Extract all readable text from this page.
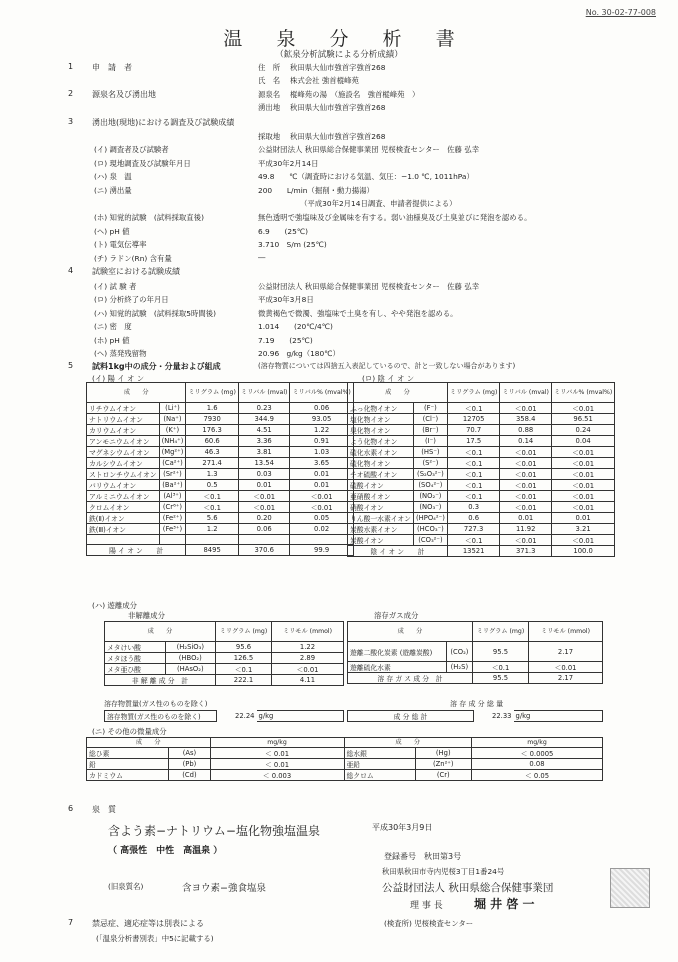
No. 30-02-77-008
温 泉 分 析 書
（鉱泉分析試験による分析成績）
1 申　請　者	住　所 秋田県大仙市強首字強首268
氏　名 株式会社 強首樅峰苑
2 源泉名及び湧出地	源泉名 樅峰苑の湯　（施設名　強首樅峰苑　）
湧出地 秋田県大仙市強首字強首268
3 湧出地(現地)における調査及び試験成績
採取地 秋田県大仙市強首字強首268
(イ) 調査者及び試験者	公益財団法人 秋田県総合保健事業団 児桜検査センター　佐藤 弘幸
(ロ) 現地調査及び試験年月日	平成30年2月14日
(ハ) 泉　温	49.8　　℃（調査時における気温、気圧：−1.0 ℃, 1011hPa）
(ニ) 湧出量	200　　L/min（掘削・動力揚湯）
（平成30年2月14日調査、申請者提供による）
(ホ) 知覚的試験　(試料採取直後)	無色透明で強塩味及び金属味を有する。弱い油様臭及び土臭並びに発泡を認める。
(ヘ) pH 値	6.9　　(25℃)
(ト) 電気伝導率	3.710　S/m (25℃)
(チ) ラドン(Rn) 含有量	―
4 試験室における試験成績
(イ) 試 験 者	公益財団法人 秋田県総合保健事業団 児桜検査センター　佐藤 弘幸
(ロ) 分析終了の年月日	平成30年3月8日
(ハ) 知覚的試験　(試料採取5時間後)	微黄褐色で微濁、強塩味で土臭を有し、やや発泡を認める。
(ニ) 密　度	1.014　　(20℃/4℃)
(ホ) pH 値	7.19　　(25℃)
(ヘ) 蒸発残留物	20.96　g/kg（180℃）
5 試料1kg中の成分・分量および組成	(溶存物質については四捨五入表記しているので、計と一致しない場合があります)
(イ) 陽 イ オ ン	(ロ) 陰 イ オ ン
成　　分		ミリグラム (mg)	ミリバル (mval)	ミリバル% (mval%)
リチウムイオン	(Li⁺)	1.6	0.23	0.06
ナトリウムイオン	(Na⁺)	7930	344.9	93.05
カリウムイオン	(K⁺)	176.3	4.51	1.22
アンモニウムイオン	(NH₄⁺)	60.6	3.36	0.91
マグネシウムイオン	(Mg²⁺)	46.3	3.81	1.03
カルシウムイオン	(Ca²⁺)	271.4	13.54	3.65
ストロンチウムイオン	(Sr²⁺)	1.3	0.03	0.01
バリウムイオン	(Ba²⁺)	0.5	0.01	0.01
アルミニウムイオン	(Al³⁺)	＜0.1	＜0.01	＜0.01
クロムイオン	(Cr⁶⁺)	＜0.1	＜0.01	＜0.01
鉄(Ⅱ)イオン	(Fe²⁺)	5.6	0.20	0.05
鉄(Ⅲ)イオン	(Fe³⁺)	1.2	0.06	0.02

陽 イ オ ン　　計		8495	370.6	99.9
成　　分		ミリグラム (mg)	ミリバル (mval)	ミリバル% (mval%)
ふっ化物イオン	(F⁻)	＜0.1	＜0.01	＜0.01
塩化物イオン	(Cl⁻)	12705	358.4	96.51
臭化物イオン	(Br⁻)	70.7	0.88	0.24
よう化物イオン	(I⁻)	17.5	0.14	0.04
硫化水素イオン	(HS⁻)	＜0.1	＜0.01	＜0.01
硫化物イオン	(S²⁻)	＜0.1	＜0.01	＜0.01
チオ硫酸イオン	(S₂O₃²⁻)	＜0.1	＜0.01	＜0.01
硫酸イオン	(SO₄²⁻)	＜0.1	＜0.01	＜0.01
亜硝酸イオン	(NO₂⁻)	＜0.1	＜0.01	＜0.01
硝酸イオン	(NO₃⁻)	0.3	＜0.01	＜0.01
りん酸一水素イオン	(HPO₄²⁻)	0.6	0.01	0.01
炭酸水素イオン	(HCO₃⁻)	727.3	11.92	3.21
炭酸イオン	(CO₃²⁻)	＜0.1	＜0.01	＜0.01
陰 イ オ ン　　計		13521	371.3	100.0
(ハ) 遊離成分
非解離成分	溶存ガス成分
成　　分		ミリグラム (mg)	ミリモル (mmol)
メタけい酸	(H₂SiO₃)	95.6	1.22
メタほう酸	(HBO₂)	126.5	2.89
メタ亜ひ酸	(HAsO₂)	＜0.1	＜0.01
非 解 離 成 分　計		222.1	4.11
成　　分		ミリグラム (mg)	ミリモル (mmol)
遊離二酸化炭素 (遊離炭酸)	(CO₂)	95.5	2.17
遊離硫化水素	(H₂S)	＜0.1	＜0.01
溶 存 ガ ス 成 分　計		95.5	2.17
溶存物質量(ガス性のものを除く)
溶存物質(ガス性のものを除く)	22.24	g/kg
溶 存 成 分 総 量
成 分 総 計	22.33	g/kg
(ニ) その他の微量成分
成　　分		mg/kg	成　　分		mg/kg
総ひ素	(As)	＜ 0.01	総水銀	(Hg)	＜ 0.0005
鉛	(Pb)	＜ 0.01	亜鉛	(Zn²⁺)	0.08
カドミウム	(Cd)	＜ 0.003	総クロム	(Cr)	＜ 0.05
6 泉　質
含よう素−ナトリウム−塩化物強塩温泉	平成30年3月9日
（ 高張性　中性　高温泉 ）
登録番号　秋田第3号
秋田県秋田市寺内児桜3丁目1番24号
(旧泉質名)	含ヨウ素−強食塩泉	公益財団法人 秋田県総合保健事業団
理 事 長	堀 井 啓 一
(検査所) 児桜検査センター
7 禁忌症、適応症等は別表による
(「温泉分析書別表」中5に記載する)
